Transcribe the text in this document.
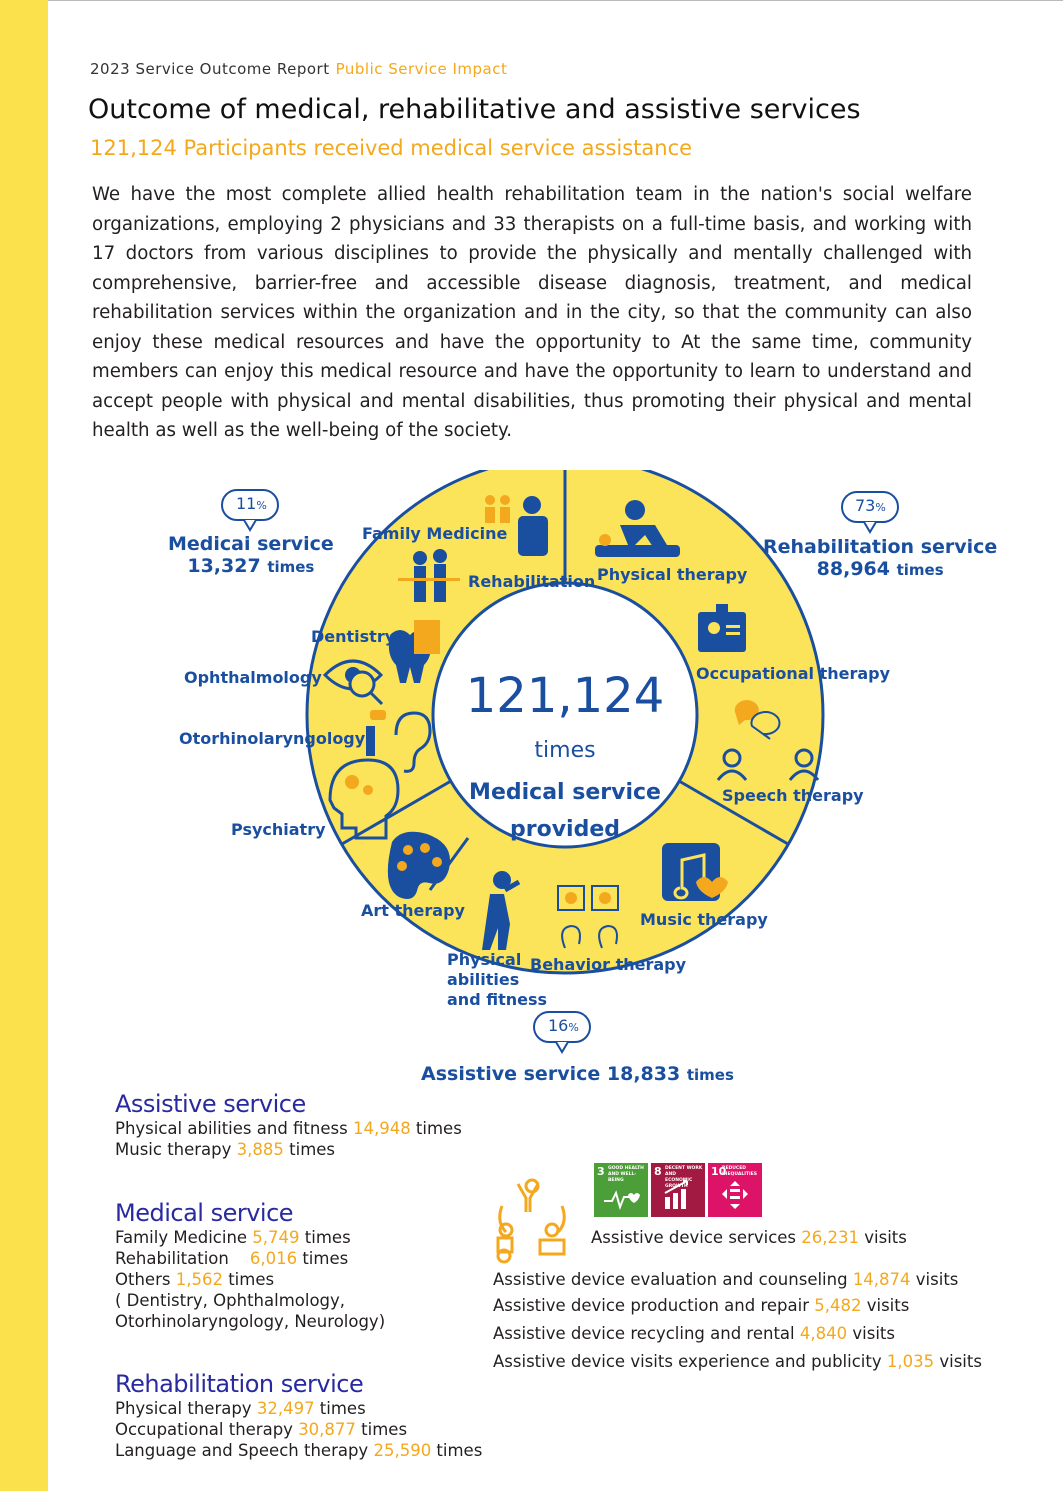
2023 Service Outcome Report Public Service Impact
Outcome of medical, rehabilitative and assistive services
121,124 Participants received medical service assistance
We have the most complete allied health rehabilitation team in the nation's social welfare organizations, employing 2 physicians and 33 therapists on a full-time basis, and working with 17 doctors from various disciplines to provide the physically and mentally challenged with comprehensive, barrier-free and accessible disease diagnosis, treatment, and medical rehabilitation services within the organization and in the city, so that the community can also enjoy these medical resources and have the opportunity to At the same time, community members can enjoy this medical resource and have the opportunity to learn to understand and accept people with physical and mental disabilities, thus promoting their physical and mental health as well as the well-being of the society.
Medicai service
13,327 times
Rehabilitation service
88,964 times
Assistive service 18,833 times
11%	73%
16%
Family Medicine
Rehabilitation
Dentistry
Ophthalmology
Otorhinolaryngology
Psychiatry
Physical therapy
Occupational therapy
Speech therapy
Music therapy
Behavior therapy
Physical
abilities
and fitness
Art therapy
121,124
times
Medical service
provided
Assistive service
Physical abilities and fitness 14,948 times
Music therapy 3,885 times
Medical service
Family Medicine 5,749 times
Rehabilitation    6,016 times
Others 1,562 times
( Dentistry, Ophthalmology,
Otorhinolaryngology, Neurology)
Rehabilitation service
Physical therapy 32,497 times
Occupational therapy 30,877 times
Language and Speech therapy 25,590 times
3 GOOD HEALTH AND WELL-BEING
8 DECENT WORK AND ECONOMIC GROWTH
10
REDUCED INEQUALITIES
Assistive device services 26,231 visits
Assistive device evaluation and counseling 14,874 visits
Assistive device production and repair 5,482 visits
Assistive device recycling and rental 4,840 visits
Assistive device visits experience and publicity 1,035 visits
